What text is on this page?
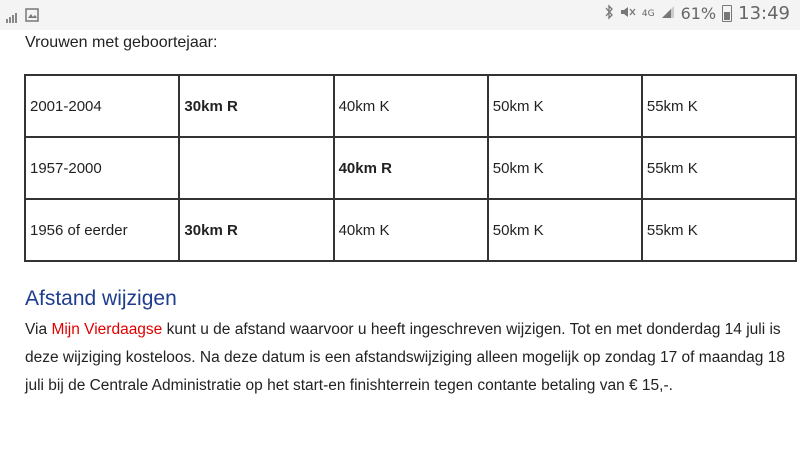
4G 61% 13:49
Vrouwen met geboortejaar:
2001-2004	30km R	40km K	50km K	55km K
1957-2000		40km R	50km K	55km K
1956 of eerder	30km R	40km K	50km K	55km K
Afstand wijzigen
Via Mijn Vierdaagse kunt u de afstand waarvoor u heeft ingeschreven wijzigen. Tot en met donderdag 14 juli is deze wijziging kosteloos. Na deze datum is een afstandswijziging alleen mogelijk op zondag 17 of maandag 18 juli bij de Centrale Administratie op het start-en finishterrein tegen contante betaling van € 15,-.
